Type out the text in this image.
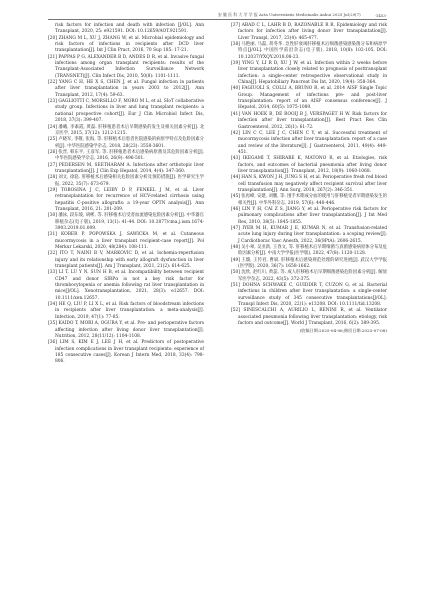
安 徽 医 科 大 学 学 报 Acta Universitatis Medicinalis Anhui 2025 Jul;29(7)	·1453·
risk factors for infection and death with infection [J/OL]. Ann Transplant, 2020, 25: e921591. DOI: 10.12659/AOT.921591.
[20] ZHANG M L, XU J, ZHANG W, et al. Microbial epidemiology and risk factors of infections in recipients after DCD liver transplantation[J]. Int J Clin Pract, 2016, 70 Sup 185: 17-21.
[21] PAPPAS P G, ALEXANDER B D, ANDES D R, et al. Invasive fungal infections among organ transplant recipients: results of the Transplant-Associated Infection Surveillance Network (TRANSNET)[J]. Clin Infect Dis, 2010, 50(8): 1101-1111.
[22] YANG C H, HE X S, CHEN J, et al. Fungal infection in patients after liver transplantation in years 2003 to 2012[J]. Ann Transplant, 2012, 17(4): 59-63.
[23] GAGLIOTTI C, MORSILLO F, MORO M L, et al. SIoT collaborative study group. Infections in liver and lung transplant recipients: a national prospective cohort[J]. Eur J Clin Microbiol Infect Dis, 2018, 37(3): 399-407.
[24] 潘曦, 李素霞, 黄磊. 肝移植患者术后早期感染的发生及相关因素分析[J]. 北京医学, 2015, 37(12): 1212-1215.
[25] 卢晓军, 李敬, 张海, 等. 肝移植术后患者医院感染的病原学特点及危险因素分析[J]. 中华医院感染学杂志, 2018, 28(23): 3558-3601.
[26] 张晋, 韩东平, 王彦军, 等. 肝移植患者术后感染病原菌及其危险因素分析[J]. 中华医院感染学杂志, 2016, 26(9): 496-501.
[27] PEDERSEN M, SEETHARAM A. Infections after orthotopic liver transplantation[J]. J Clin Exp Hepatol, 2014, 4(4): 347-360.
[28] 刘文, 徐骁. 肝移植术后感染相关危险因素分析及预防措施[J]. 医学研究生学报, 2022, 35(7): 673-679.
[29] TOBOSINA J C, LEIBY D P, FENKEL J M, et al. Liver retransplantation for recurrence of HCV-related cirrhosis using hepatitis C-positive allografts: a 19-year OPTN analysis[J]. Ann Transplant, 2016, 21: 201-209.
[30] 潘泳, 段东坡, 胡彬, 等. 肝移植术后受者血流感染危险因素分析[J]. 中华器官移植杂志(电子版), 2019, 13(1): 41-44. DOI: 10.3877/cma.j.issn.1674-3903.2019.01.009.
[31] KOBER P, POPOWSKA J, SAWICKA M, et al. Cutaneous mucormycosis in a liver transplant recipient-case report[J]. Pol Merkur Lekarski, 2020, 48(284): 108-111.
[32] ITO T, NAINI B V, MARKOVIC D, et al. Ischemia-reperfusion injury and its relationship with early allograft dysfunction in liver transplant patients[J]. Am J Transplant, 2021, 21(2): 614-625.
[33] LI T, LU Y N, SUN H B, et al. Incompatibility between recipient CD47 and donor SIRPα is not a key risk factor for thrombocytopenia or anemia following rat liver transplantation in mice[J/OL]. Xenotransplantation, 2021, 28(3): e12657. DOI: 10.1111/xen.12657.
[34] HE Q, LIU P, LI X L, et al. Risk factors of bloodstream infections in recipients after liver transplantation: a meta-analysis[J]. Infection, 2019, 47(1): 77-85.
[35] KAIDO T, MORI A, OGURA Y, et al. Pre- and perioperative factors affecting infection after living donor liver transplantation[J]. Nutrition, 2012, 28(11/12): 1104-1108.
[36] LIM S, KIM E J, LEE J H, et al. Predictors of postoperative infection complications in liver transplant recipients: experience of 185 consecutive cases[J]. Korean J Intern Med, 2018, 33(4): 798-806.
[37] ABAD C L, LAHR B D, RAZONABLE R R. Epidemiology and risk factors for infection after living donor liver transplantation[J]. Liver Transpl, 2017, 23(4): 465-477.
[38] 马艳丽, 马磊, 蒋冬华. 急性肝衰竭肝移植术后细菌感染感染菌分布和病原学特点[J/OL]. 中国医学前沿杂志(电子版), 2018, 10(8): 102-105. DOI: 10.12037/YXQY.2018.08-23.
[39] YING Y, LI R D, XU J W, et al. Infection within 2 weeks before liver transplantation closely related to prognosis of posttransplant infection: a single-center retrospective observational study in China[J]. Hepatobiliary Pancreat Dis Int, 2020, 19(4): 358-364.
[40] FAGIUOLI S, COLLI A, BRUNO R, et al. 2014 AISF Single Topic Group. Management of infections pre- and post-liver transplantation: report of an AISF consensus conference[J]. J Hepatol, 2014, 60(5): 1075-1089.
[41] VAN HOEK B, DE ROOIJ B J, VERSPAGET H W. Risk factors for infection after liver transplantation[J]. Best Pract Res Clin Gastroenterol, 2012, 26(1): 61-72.
[42] LIN C C, LEE J C, CHEN C Y, et al. Successful treatment of mucormycosis infection after liver transplantation: report of a case and review of the literature[J]. J Gastroenterol, 2011, 49(4): 449-451.
[43] IKEGAMI T, SHIRABE K, MATONO R, et al. Etiologies, risk factors, and outcomes of bacterial pneumonia after living donor liver transplantation[J]. Transplant, 2012, 18(9): 1060-1068.
[44] HAN S, KWON J H, JUNG S H, et al. Perioperative fresh red blood cell transfusion may negatively affect recipient survival after liver transplantation[J]. Ann Surg, 2018, 267(2): 346-351.
[45] 张再峰, 安建, 刘鹏, 等. 围手术期成分血的使用与肝移植受者早期感染发生的相关性[J]. 中华外科杂志, 2019, 57(6): 440-446.
[46] LIN Y H, CAI Z S, JIANG Y, et al. Perioperative risk factors for pulmonary complications after liver transplantation[J]. J Int Med Res, 2010, 38(5): 1845-1855.
[47] IYER M H, KUMAR J E, KUMAR N, et al. Transfusion-related acute lung injury during liver transplantation: a scoping review[J]. J Cardiothorac Vasc Anesth, 2022, 36(8PtA): 2606-2615.
[48] 吴小翠, 吴亚新, 王春文, 等. 肝移植术后早期细菌与真菌感染病原体分布及危险因素分析[J]. 中南大学学报(医学版), 2022, 47(8): 1120-1128.
[49] 王璇, 王传君, 曹斌. 肝移植术后感染规范处理的研究进展[J]. 武汉大学学报(医学版), 2020, 36(7): 1658-1662.
[50] 沈欣, 赵红川, 黄蕊, 等. 成人肝移植术后早期细菌感染危险因素分析[J]. 解放军医学杂志, 2022, 43(5): 372-375.
[51] DOHNA SCHWAKE C, GUIDDIR T, CUZON G, et al. Bacterial infections in children after liver transplantation: a single-center surveillance study of 345 consecutive transplantations[J/OL]. Transpl Infect Dis, 2020, 22(1): e13208. DOI: 10.1111/tid.13208.
[52] SINESCALCHI A, AURILIO L, RENINI R, et al. Ventilator associated pneumonia following liver transplantation: etiology, risk factors and outcome[J]. World J Transplant, 2016, 6(2): 389-395.

(收稿日期:2025-04-06;修回日期:2025-07-08)
